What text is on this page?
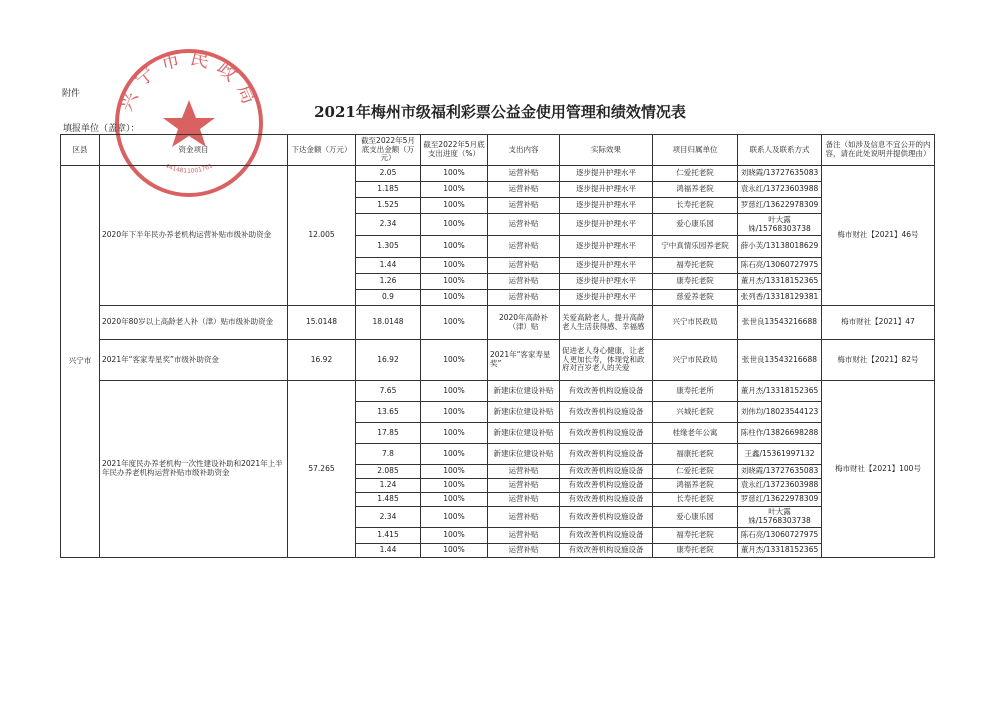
附件 兴宁市民政局
4414811001761
2021年梅州市级福利彩票公益金使用管理和绩效情况表
填报单位（盖章）：
区县	资金项目	下达金额（万元）	截至2022年5月底支出金额（万元）	截至2022年5月底支出进度（%）	支出内容	实际效果	项目归属单位	联系人及联系方式	备注（如涉及信息不宜公开的内容，请在此处说明并提供理由）
兴宁市	2020年下半年民办养老机构运营补贴市级补助资金	12.005	2.05	100%	运营补贴	逐步提升护理水平	仁爱托老院	刘晓霞/13727635083	梅市财社【2021】46号
			1.185	100%	运营补贴	逐步提升护理水平	鸿福养老院	袁永红/13723603988	
			1.525	100%	运营补贴	逐步提升护理水平	长寿托老院	罗慈红/13622978309	
			2.34	100%	运营补贴	逐步提升护理水平	爱心康乐园	叶大露姝/15768303738	
			1.305	100%	运营补贴	逐步提升护理水平	宁中真情乐园养老院	薛小芙/13138018629	
			1.44	100%	运营补贴	逐步提升护理水平	福寿托老院	陈石亮/13060727975	
			1.26	100%	运营补贴	逐步提升护理水平	康寿托老院	董月杰/13318152365	
			0.9	100%	运营补贴	逐步提升护理水平	慈爱养老院	张列香/13318129381	
	2020年80岁以上高龄老人补（津）贴市级补助资金	15.0148	18.0148	100%	2020年高龄补（津）贴	关爱高龄老人，提升高龄老人生活获得感、幸福感	兴宁市民政局	张世良13543216688	梅市财社【2021】47
	2021年“客家寿星奖”市级补助资金	16.92	16.92	100%	2021年“客家寿星奖”	促进老人身心健康，让老人更加长寿，体现党和政府对百岁老人的关爱	兴宁市民政局	张世良13543216688	梅市财社【2021】82号
	2021年度民办养老机构一次性建设补助和2021年上半年民办养老机构运营补贴市级补助资金	57.265	7.65	100%	新建床位建设补贴	有效改善机构设施设备	康寿托老所	董月杰/13318152365	梅市财社【2021】100号
			13.65	100%	新建床位建设补贴	有效改善机构设施设备	兴城托老院	刘伟均/18023544123	
			17.85	100%	新建床位建设补贴	有效改善机构设施设备	桂缘老年公寓	陈柱作/13826698288	
			7.8	100%	新建床位建设补贴	有效改善机构设施设备	福康托老院	王鑫/15361997132	
			2.085	100%	运营补贴	有效改善机构设施设备	仁爱托老院	刘晓霞/13727635083	
			1.24	100%	运营补贴	有效改善机构设施设备	鸿福养老院	袁永红/13723603988	
			1.485	100%	运营补贴	有效改善机构设施设备	长寿托老院	罗慈红/13622978309	
			2.34	100%	运营补贴	有效改善机构设施设备	爱心康乐园	叶大露姝/15768303738	
			1.415	100%	运营补贴	有效改善机构设施设备	福寿托老院	陈石亮/13060727975	
			1.44	100%	运营补贴	有效改善机构设施设备	康寿托老院	董月杰/13318152365	
